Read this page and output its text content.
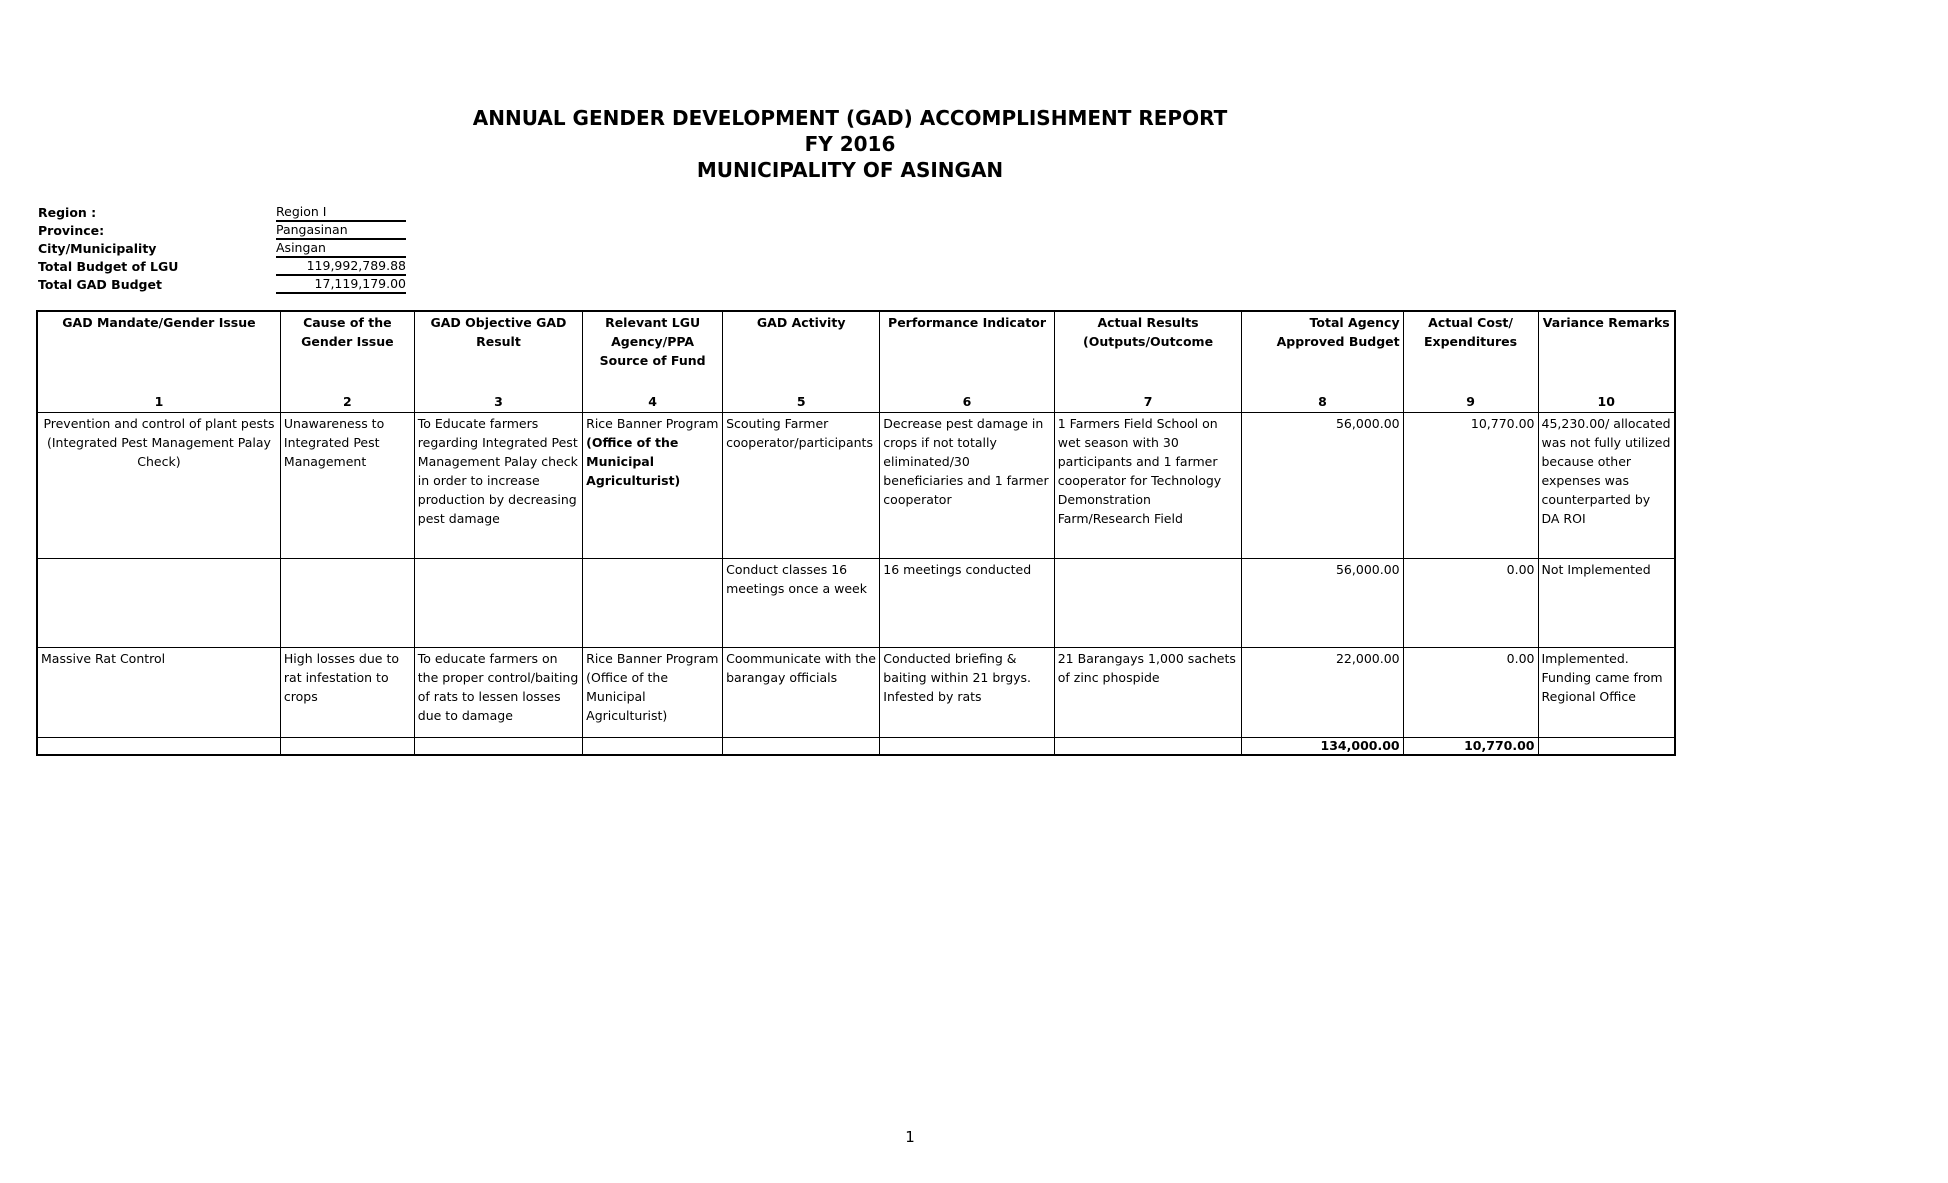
ANNUAL GENDER DEVELOPMENT (GAD) ACCOMPLISHMENT REPORT
FY 2016
MUNICIPALITY OF ASINGAN
Region :	Region I
Province:	Pangasinan
City/Municipality	Asingan
Total Budget of LGU	119,992,789.88
Total GAD Budget	17,119,179.00
GAD Mandate/Gender Issue	Cause of the Gender Issue	GAD Objective GAD Result	Relevant LGU Agency/PPA Source of Fund	GAD Activity	Performance Indicator	Actual Results (Outputs/Outcome	Total Agency Approved Budget	Actual Cost/ Expenditures	Variance Remarks
1	2	3	4	5	6	7	8	9	10
Prevention and control of plant pests (Integrated Pest Management Palay Check)	Unawareness to Integrated Pest Management	To Educate farmers regarding Integrated Pest Management Palay check in order to increase production by decreasing pest damage	Rice Banner Program (Office of the Municipal Agriculturist)	Scouting Farmer cooperator/participants	Decrease pest damage in crops if not totally eliminated/30 beneficiaries and 1 farmer cooperator	1 Farmers Field School on wet season with 30 participants and 1 farmer cooperator for Technology Demonstration Farm/Research Field	56,000.00	10,770.00	45,230.00/ allocated was not fully utilized because other expenses was counterparted by DA ROI
				Conduct classes 16 meetings once a week	16 meetings conducted		56,000.00	0.00	Not Implemented
Massive Rat Control	High losses due to rat infestation to crops	To educate farmers on the proper control/baiting of rats to lessen losses due to damage	Rice Banner Program (Office of the Municipal Agriculturist)	Coommunicate with the barangay officials	Conducted briefing & baiting within 21 brgys. Infested by rats	21 Barangays 1,000 sachets of zinc phospide	22,000.00	0.00	Implemented. Funding came from Regional Office
							134,000.00	10,770.00	
1
